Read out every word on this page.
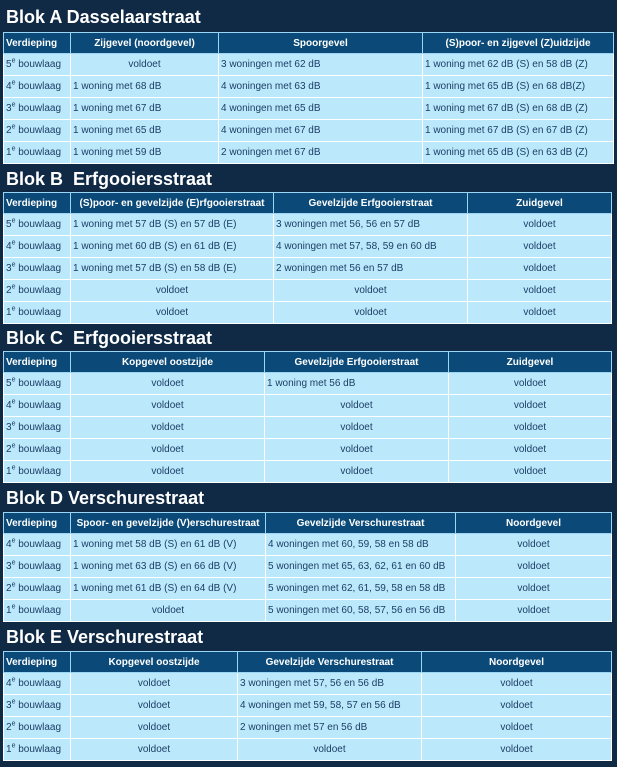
Blok A Dasselaarstraat
Verdieping	Zijgevel (noordgevel)	Spoorgevel	(S)poor- en zijgevel (Z)uidzijde
5e bouwlaag	voldoet	3 woningen met 62 dB	1 woning met 62 dB (S) en 58 dB (Z)
4e bouwlaag	1 woning met 68 dB	4 woningen met 63 dB	1 woning met 65 dB (S) en 68 dB(Z)
3e bouwlaag	1 woning met 67 dB	4 woningen met 65 dB	1 woning met 67 dB (S) en 68 dB (Z)
2e bouwlaag	1 woning met 65 dB	4 woningen met 67 dB	1 woning met 67 dB (S) en 67 dB (Z)
1e bouwlaag	1 woning met 59 dB	2 woningen met 67 dB	1 woning met 65 dB (S) en 63 dB (Z)
Blok B  Erfgooiersstraat
Verdieping	(S)poor- en gevelzijde (E)rfgooierstraat	Gevelzijde Erfgooierstraat	Zuidgevel
5e bouwlaag	1 woning met 57 dB (S) en 57 dB (E)	3 woningen met 56, 56 en 57 dB	voldoet
4e bouwlaag	1 woning met 60 dB (S) en 61 dB (E)	4 woningen met 57, 58, 59 en 60 dB	voldoet
3e bouwlaag	1 woning met 57 dB (S) en 58 dB (E)	2 woningen met 56 en 57 dB	voldoet
2e bouwlaag	voldoet	voldoet	voldoet
1e bouwlaag	voldoet	voldoet	voldoet
Blok C  Erfgooiersstraat
Verdieping	Kopgevel oostzijde	Gevelzijde Erfgooierstraat	Zuidgevel
5e bouwlaag	voldoet	1 woning met 56 dB	voldoet
4e bouwlaag	voldoet	voldoet	voldoet
3e bouwlaag	voldoet	voldoet	voldoet
2e bouwlaag	voldoet	voldoet	voldoet
1e bouwlaag	voldoet	voldoet	voldoet
Blok D Verschurestraat
Verdieping	Spoor- en gevelzijde (V)erschurestraat	Gevelzijde Verschurestraat	Noordgevel
4e bouwlaag	1 woning met 58 dB (S) en 61 dB (V)	4 woningen met 60, 59, 58 en 58 dB	voldoet
3e bouwlaag	1 woning met 63 dB (S) en 66 dB (V)	5 woningen met 65, 63, 62, 61 en 60 dB	voldoet
2e bouwlaag	1 woning met 61 dB (S) en 64 dB (V)	5 woningen met 62, 61, 59, 58 en 58 dB	voldoet
1e bouwlaag	voldoet	5 woningen met 60, 58, 57, 56 en 56 dB	voldoet
Blok E Verschurestraat
Verdieping	Kopgevel oostzijde	Gevelzijde Verschurestraat	Noordgevel
4e bouwlaag	voldoet	3 woningen met 57, 56 en 56 dB	voldoet
3e bouwlaag	voldoet	4 woningen met 59, 58, 57 en 56 dB	voldoet
2e bouwlaag	voldoet	2 woningen met 57 en 56 dB	voldoet
1e bouwlaag	voldoet	voldoet	voldoet
